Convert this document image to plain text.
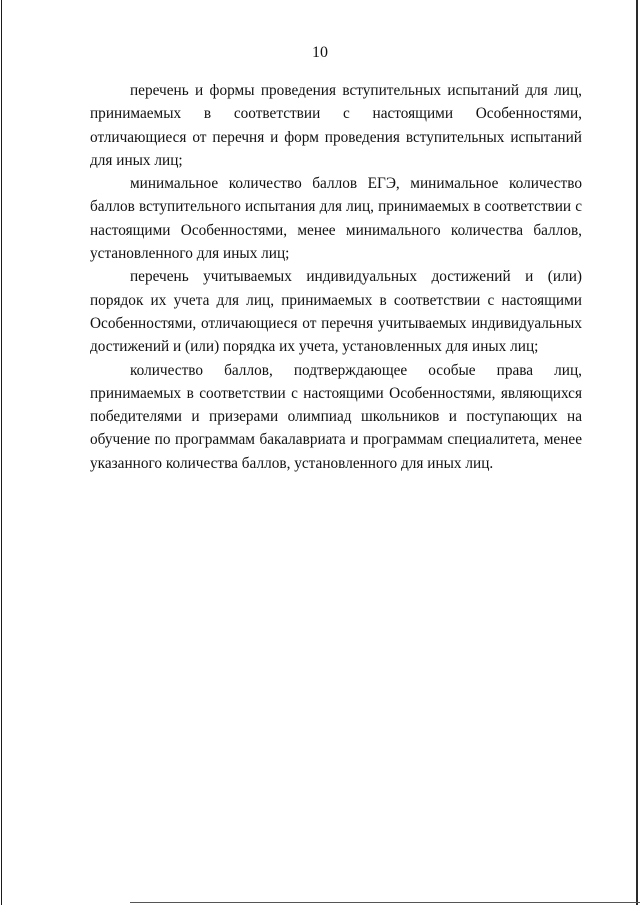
10

перечень и формы проведения вступительных испытаний для лиц, принимаемых в соответствии с настоящими Особенностями, отличающиеся от перечня и форм проведения вступительных испытаний для иных лиц;

минимальное количество баллов ЕГЭ, минимальное количество баллов вступительного испытания для лиц, принимаемых в соответствии с настоящими Особенностями, менее минимального количества баллов, установленного для иных лиц;

перечень учитываемых индивидуальных достижений и (или) порядок их учета для лиц, принимаемых в соответствии с настоящими Особенностями, отличающиеся от перечня учитываемых индивидуальных достижений и (или) порядка их учета, установленных для иных лиц;

количество баллов, подтверждающее особые права лиц, принимаемых в соответствии с настоящими Особенностями, являющихся победителями и призерами олимпиад школьников и поступающих на обучение по программам бакалавриата и программам специалитета, менее указанного количества баллов, установленного для иных лиц.
